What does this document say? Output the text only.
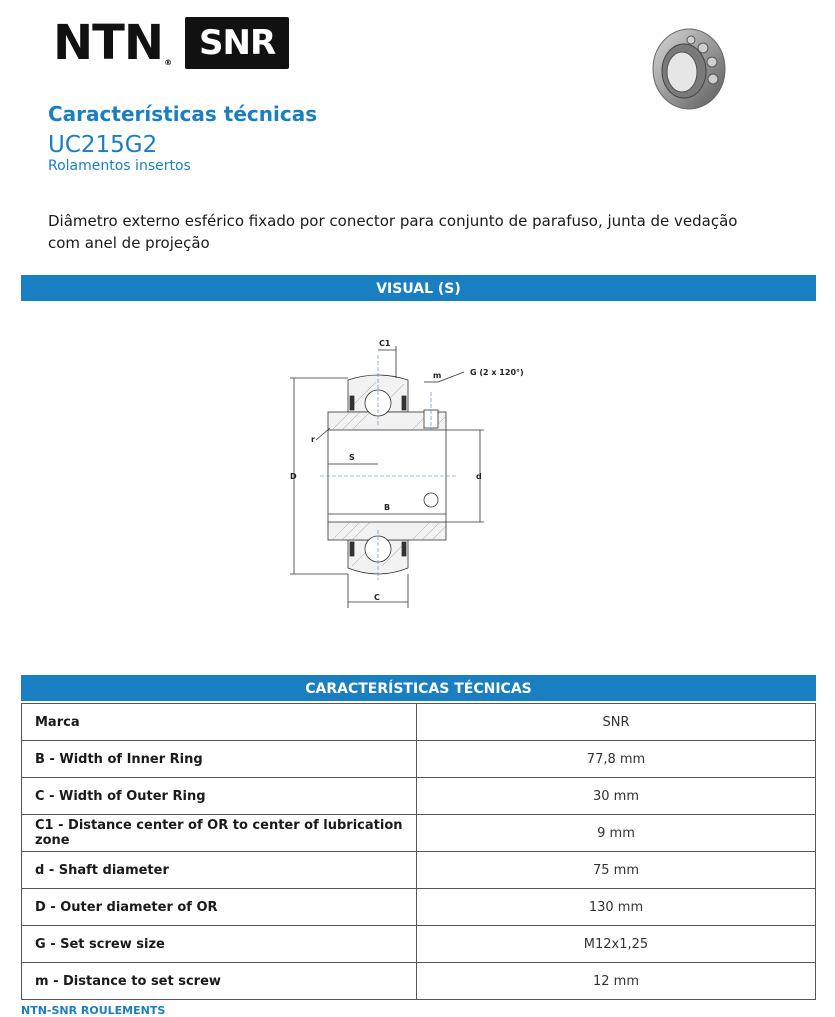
NTN® SNR
Características técnicas
UC215G2
Rolamentos insertos
Diâmetro externo esférico fixado por conector para conjunto de parafuso, junta de vedação com anel de projeção
VISUAL (S)
C1
m	G (2 x 120°)
r
S
D	d
B
C
CARACTERÍSTICAS TÉCNICAS
Marca	SNR
B - Width of Inner Ring	77,8 mm
C - Width of Outer Ring	30 mm
C1 - Distance center of OR to center of lubrication zone	9 mm
d - Shaft diameter	75 mm
D - Outer diameter of OR	130 mm
G - Set screw size	M12x1,25
m - Distance to set screw	12 mm
NTN-SNR ROULEMENTS
